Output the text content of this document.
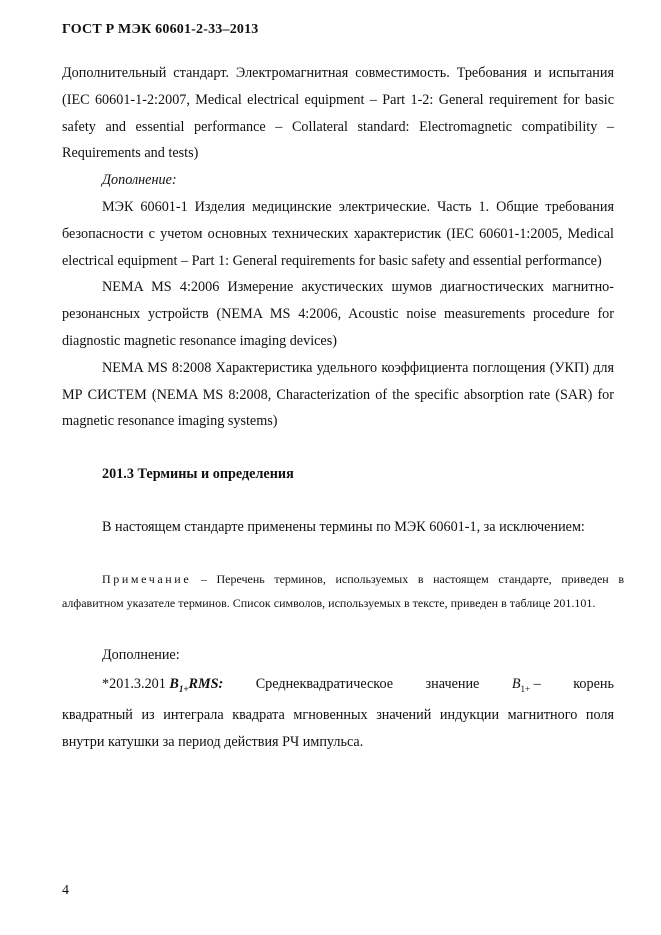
ГОСТ Р МЭК 60601-2-33–2013

Дополнительный стандарт. Электромагнитная совместимость. Требования и испытания (IEC 60601-1-2:2007, Medical electrical equipment – Part 1-2: General requirement for basic safety and essential performance – Collateral standard: Electromagnetic compatibility – Requirements and tests)

Дополнение:

МЭК 60601-1 Изделия медицинские электрические. Часть 1. Общие требования безопасности с учетом основных технических характеристик (IEC 60601-1:2005, Medical electrical equipment – Part 1: General requirements for basic safety and essential performance)

NEMA MS 4:2006 Измерение акустических шумов диагностических магнитно-резонансных устройств (NEMA MS 4:2006, Acoustic noise measurements procedure for diagnostic magnetic resonance imaging devices)

NEMA MS 8:2008 Характеристика удельного коэффициента поглощения (УКП) для МР СИСТЕМ (NEMA MS 8:2008, Characterization of the specific absorption rate (SAR) for magnetic resonance imaging systems)

201.3 Термины и определения

В настоящем стандарте применены термины по МЭК 60601-1, за исключением:

Примечание – Перечень терминов, используемых в настоящем стандарте, приведен в алфавитном указателе терминов. Список символов, используемых в тексте, приведен в таблице 201.101.

Дополнение:

*201.3.201 $B_{1+}RMS$: Среднеквадратическое значение $B_{1+}$ – корень

квадратный из интеграла квадрата мгновенных значений индукции магнитного поля внутри катушки за период действия РЧ импульса.

4
